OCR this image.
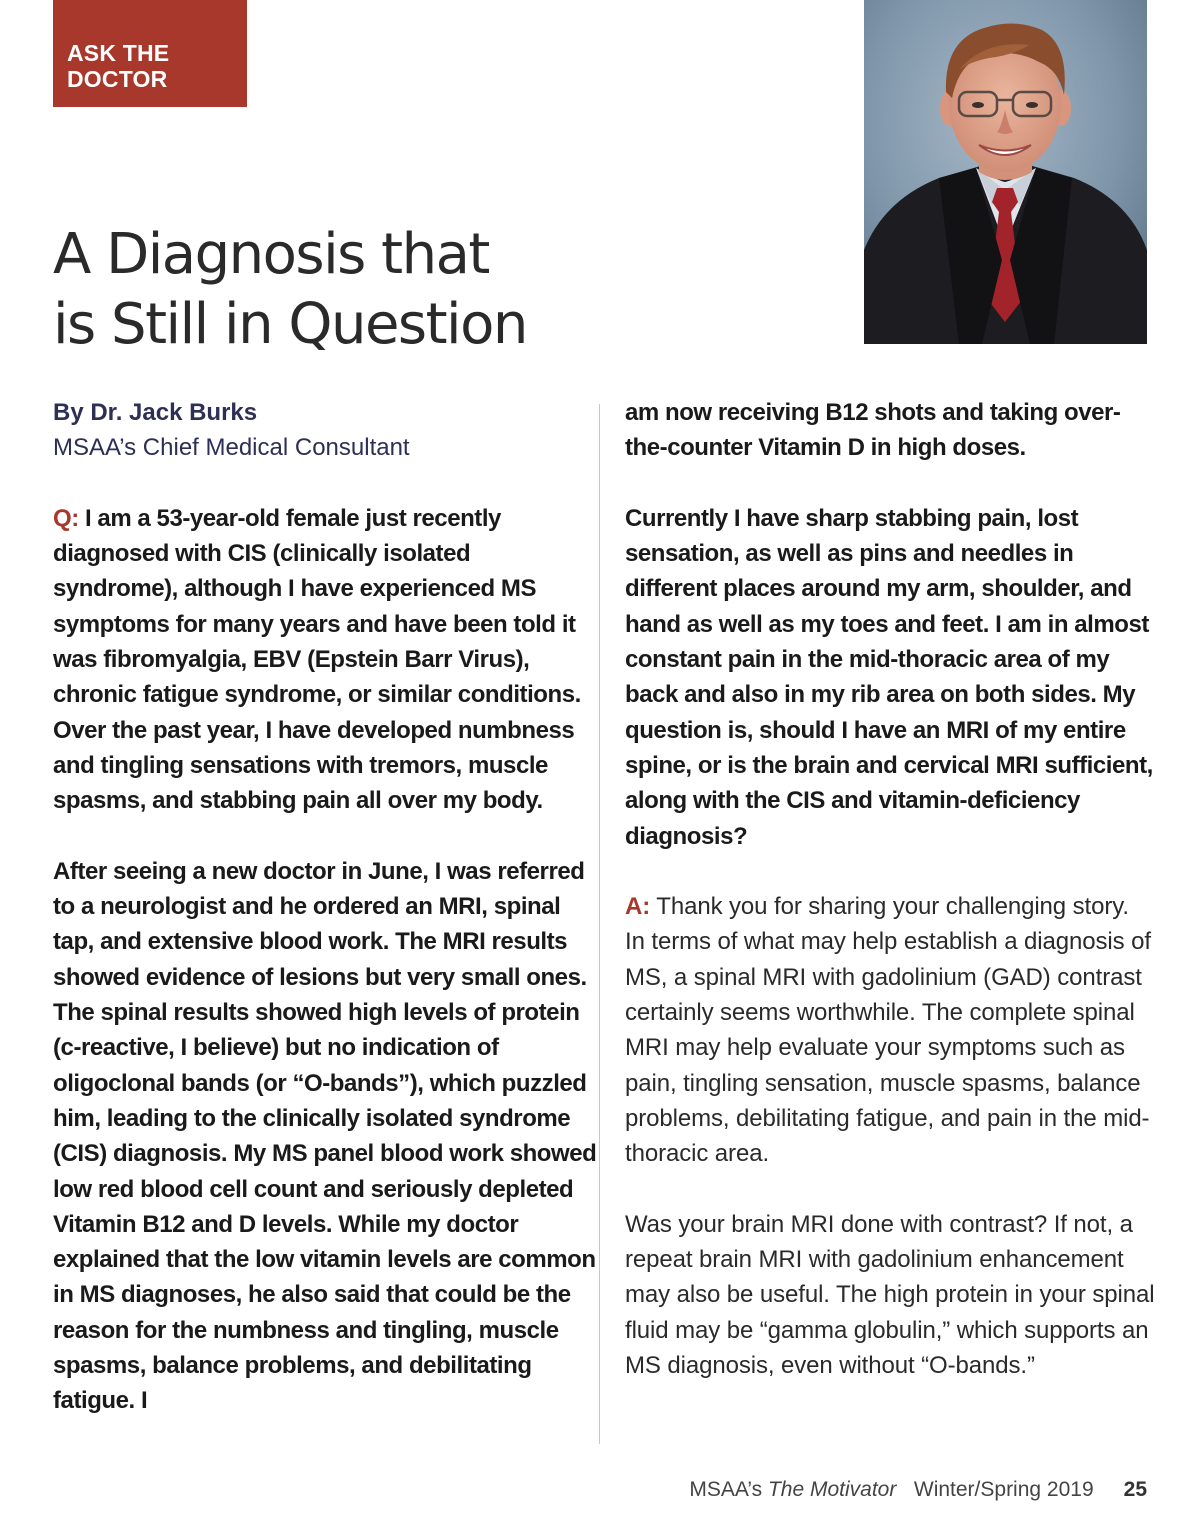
ASK THE
DOCTOR
A Diagnosis that
is Still in Question

By Dr. Jack Burks

MSAA’s Chief Medical Consultant

Q: I am a 53-year-old female just recently diagnosed with CIS (clinically isolated syndrome), although I have experienced MS symptoms for many years and have been told it was fibromyalgia, EBV (Epstein Barr Virus), chronic fatigue syndrome, or similar conditions. Over the past year, I have developed numbness and tingling sensations with tremors, muscle spasms, and stabbing pain all over my body.

After seeing a new doctor in June, I was referred to a neurologist and he ordered an MRI, spinal tap, and extensive blood work. The MRI results showed evidence of lesions but very small ones. The spinal results showed high levels of protein (c-reactive, I believe) but no indication of oligoclonal bands (or “O-bands”), which puzzled him, leading to the clinically isolated syndrome (CIS) diagnosis. My MS panel blood work showed low red blood cell count and seriously depleted Vitamin B12 and D levels. While my doctor explained that the low vitamin levels are common in MS diagnoses, he also said that could be the reason for the numbness and tingling, muscle spasms, balance problems, and debilitating fatigue. I

am now receiving B12 shots and taking over-the-counter Vitamin D in high doses.

Currently I have sharp stabbing pain, lost sensation, as well as pins and needles in different places around my arm, shoulder, and hand as well as my toes and feet. I am in almost constant pain in the mid-thoracic area of my back and also in my rib area on both sides. My question is, should I have an MRI of my entire spine, or is the brain and cervical MRI sufficient, along with the CIS and vitamin-deficiency diagnosis?

A: Thank you for sharing your challenging story. In terms of what may help establish a diagnosis of MS, a spinal MRI with gadolinium (GAD) contrast certainly seems worthwhile. The complete spinal MRI may help evaluate your symptoms such as pain, tingling sensation, muscle spasms, balance problems, debilitating fatigue, and pain in the mid-thoracic area.

Was your brain MRI done with contrast? If not, a repeat brain MRI with gadolinium enhancement may also be useful. The high protein in your spinal fluid may be “gamma globulin,” which supports an MS diagnosis, even without “O-bands.”

MSAA’s The Motivator Winter/Spring 2019 25
